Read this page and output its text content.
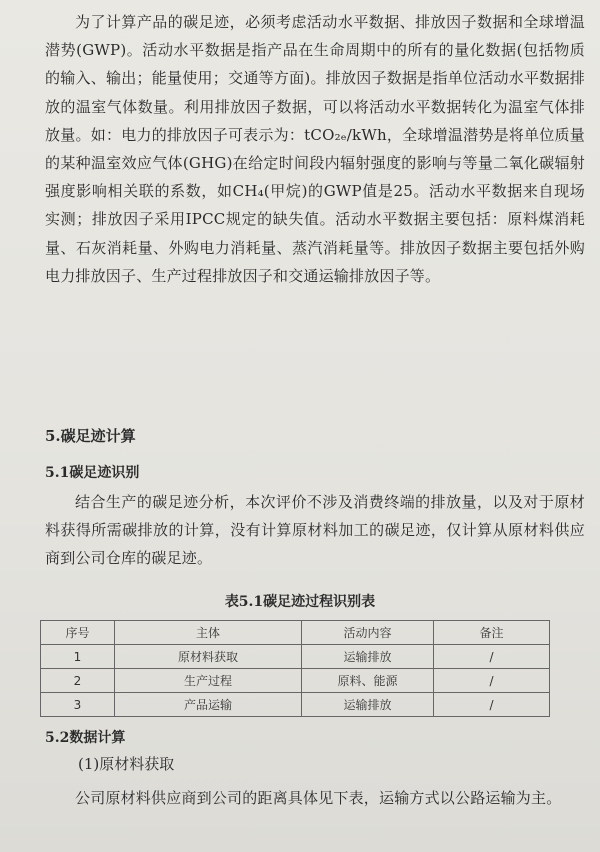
为了计算产品的碳足迹，必须考虑活动水平数据、排放因子数据和全球增温潜势(GWP)。活动水平数据是指产品在生命周期中的所有的量化数据(包括物质的输入、输出；能量使用；交通等方面)。排放因子数据是指单位活动水平数据排放的温室气体数量。利用排放因子数据，可以将活动水平数据转化为温室气体排放量。如：电力的排放因子可表示为：tCO₂ₑ/kWh，全球增温潜势是将单位质量的某种温室效应气体(GHG)在给定时间段内辐射强度的影响与等量二氧化碳辐射强度影响相关联的系数，如CH₄(甲烷)的GWP值是25。活动水平数据来自现场实测；排放因子采用IPCC规定的缺失值。活动水平数据主要包括：原料煤消耗量、石灰消耗量、外购电力消耗量、蒸汽消耗量等。排放因子数据主要包括外购电力排放因子、生产过程排放因子和交通运输排放因子等。

5.碳足迹计算
5.1碳足迹识别

结合生产的碳足迹分析，本次评价不涉及消费终端的排放量，以及对于原材料获得所需碳排放的计算，没有计算原材料加工的碳足迹，仅计算从原材料供应商到公司仓库的碳足迹。

表5.1碳足迹过程识别表

序号	主体	活动内容	备注
1	原材料获取	运输排放	/
2	生产过程	原料、能源	/
3	产品运输	运输排放	/
5.2数据计算

(1)原材料获取

公司原材料供应商到公司的距离具体见下表，运输方式以公路运输为主。
